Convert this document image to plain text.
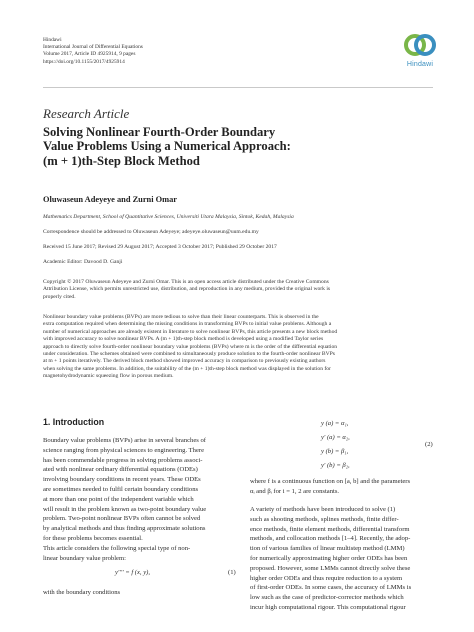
Hindawi
International Journal of Differential Equations
Volume 2017, Article ID 4925914, 9 pages
https://doi.org/10.1155/2017/4925914	Hindawi
Research Article
Solving Nonlinear Fourth-Order Boundary
Value Problems Using a Numerical Approach:
(m + 1)th-Step Block Method
Oluwaseun Adeyeye and Zurni Omar
Mathematics Department, School of Quantitative Sciences, Universiti Utara Malaysia, Sintok, Kedah, Malaysia
Correspondence should be addressed to Oluwaseun Adeyeye; adeyeye.oluwaseun@uum.edu.my
Received 15 June 2017; Revised 29 August 2017; Accepted 3 October 2017; Published 29 October 2017
Academic Editor: Davood D. Ganji
Copyright © 2017 Oluwaseun Adeyeye and Zurni Omar. This is an open access article distributed under the Creative Commons
Attribution License, which permits unrestricted use, distribution, and reproduction in any medium, provided the original work is
properly cited.
Nonlinear boundary value problems (BVPs) are more tedious to solve than their linear counterparts. This is observed in the
extra computation required when determining the missing conditions in transforming BVPs to initial value problems. Although a
number of numerical approaches are already existent in literature to solve nonlinear BVPs, this article presents a new block method
with improved accuracy to solve nonlinear BVPs. A (m + 1)th-step block method is developed using a modified Taylor series
approach to directly solve fourth-order nonlinear boundary value problems (BVPs) where m is the order of the differential equation
under consideration. The schemes obtained were combined to simultaneously produce solution to the fourth-order nonlinear BVPs
at m + 1 points iteratively. The derived block method showed improved accuracy in comparison to previously existing authors
when solving the same problems. In addition, the suitability of the (m + 1)th-step block method was displayed in the solution for
magnetohydrodynamic squeezing flow in porous medium.
1. Introduction
Boundary value problems (BVPs) arise in several branches of
science ranging from physical sciences to engineering. There
has been commendable progress in solving problems associ-
ated with nonlinear ordinary differential equations (ODEs)
involving boundary conditions in recent years. These ODEs
are sometimes needed to fulfil certain boundary conditions
at more than one point of the independent variable which
will result in the problem known as two-point boundary value
problem. Two-point nonlinear BVPs often cannot be solved
by analytical methods and thus finding approximate solutions
for these problems becomes essential.
This article considers the following special type of non-
linear boundary value problem:
y'''' = f (x, y),	(1)
with the boundary conditions
y (a) = α₁,
y' (a) = α₂,
y (b) = β₁,
y' (b) = β₂,
(2)
where f is a continuous function on [a, b] and the parameters
αᵢ and βᵢ for i = 1, 2 are constants.
A variety of methods have been introduced to solve (1)
such as shooting methods, splines methods, finite differ-
ence methods, finite element methods, differential transform
methods, and collocation methods [1–4]. Recently, the adop-
tion of various families of linear multistep method (LMM)
for numerically approximating higher order ODEs has been
proposed. However, some LMMs cannot directly solve these
higher order ODEs and thus require reduction to a system
of first-order ODEs. In some cases, the accuracy of LMMs is
low such as the case of predictor-corrector methods which
incur high computational rigour. This computational rigour
